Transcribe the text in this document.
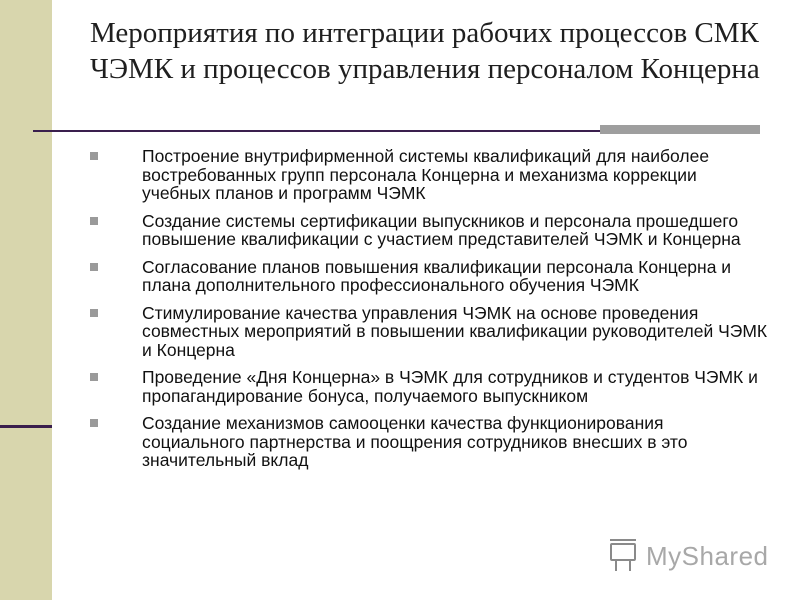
Мероприятия по интеграции рабочих процессов СМК ЧЭМК и процессов управления персоналом Концерна
Построение внутрифирменной системы квалификаций для наиболее востребованных групп персонала Концерна и механизма коррекции учебных планов и программ ЧЭМК
Создание системы сертификации выпускников и персонала прошедшего повышение квалификации с участием представителей ЧЭМК и Концерна
Согласование планов повышения квалификации персонала Концерна и плана дополнительного профессионального обучения ЧЭМК
Стимулирование качества управления ЧЭМК на основе проведения совместных мероприятий в повышении квалификации руководителей ЧЭМК и Концерна
Проведение «Дня Концерна» в ЧЭМК для сотрудников и студентов ЧЭМК и пропагандирование бонуса, получаемого выпускником
Создание механизмов самооценки качества функционирования социального партнерства и поощрения сотрудников внесших в это значительный вклад
MyShared
